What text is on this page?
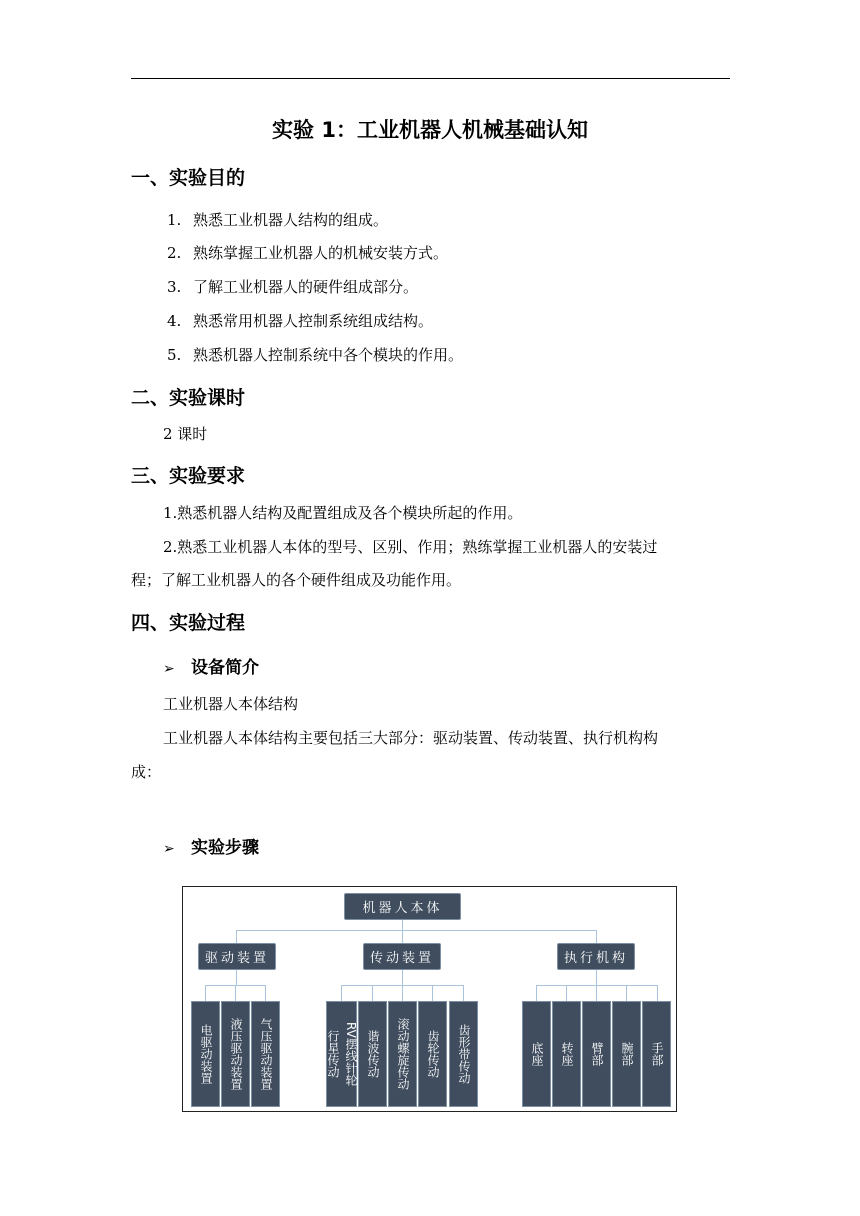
实验 1：工业机器人机械基础认知
一、实验目的
1. 熟悉工业机器人结构的组成。
2. 熟练掌握工业机器人的机械安装方式。
3. 了解工业机器人的硬件组成部分。
4. 熟悉常用机器人控制系统组成结构。
5. 熟悉机器人控制系统中各个模块的作用。
二、实验课时
2 课时
三、实验要求
1.熟悉机器人结构及配置组成及各个模块所起的作用。
2.熟悉工业机器人本体的型号、区别、作用；熟练掌握工业机器人的安装过
程；了解工业机器人的各个硬件组成及功能作用。
四、实验过程
➢ 设备简介
工业机器人本体结构
工业机器人本体结构主要包括三大部分：驱动装置、传动装置、执行机构构
成：
➢ 实验步骤
机器人本体
驱动装置	传动装置	执行机构
电驱动装置 液压驱动装置 气压驱动装置	RV摆线针轮
行星传动 谐波传动 滚动螺旋传动 齿轮传动 齿形带传动	底座 转座 臂部 腕部 手部
